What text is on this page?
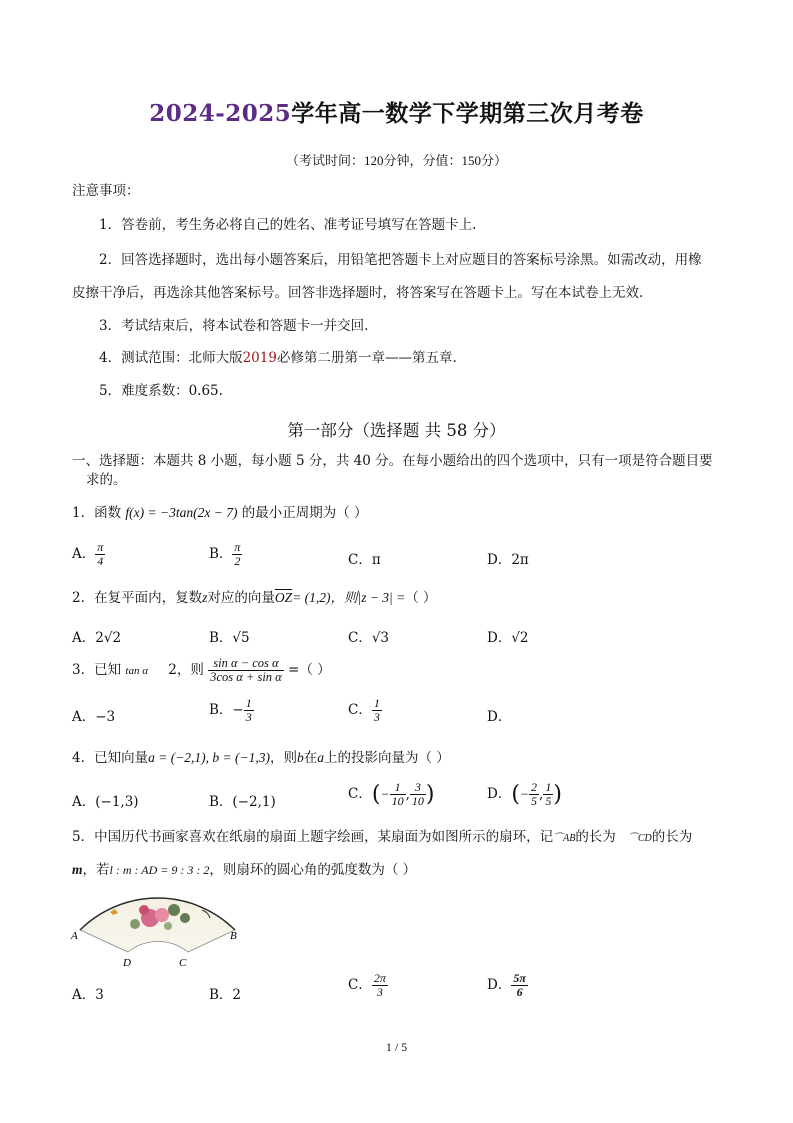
2024-2025学年高一数学下学期第三次月考卷
（考试时间：120分钟，分值：150分）
注意事项：
1．答卷前，考生务必将自己的姓名、准考证号填写在答题卡上.
2．回答选择题时，选出每小题答案后，用铅笔把答题卡上对应题目的答案标号涂黑。如需改动，用橡
皮擦干净后，再选涂其他答案标号。回答非选择题时，将答案写在答题卡上。写在本试卷上无效.
3．考试结束后，将本试卷和答题卡一并交回.
4．测试范围：北师大版2019必修第二册第一章——第五章.
5．难度系数：0.65.
第一部分（选择题 共 58 分）
一、选择题：本题共 8 小题，每小题 5 分，共 40 分。在每小题给出的四个选项中，只有一项是符合题目要
求的。
1．函数 f(x) = −3tan(2x − 7) 的最小正周期为（ ）
A． $\frac{\pi}{4}$	B． $\frac{\pi}{2}$	C．π	D．2π
2．在复平面内，复数z对应的向量$\overline{OZ}= (1,2)$，则|z − 3| =（ ）
A．2√2	B．√5	C．√3	D．√2
3．已知 tan α 2，则 $\frac{\text{sin α − cos α}}{\text{3cos α + sin α}}$ =（ ）
A．−3	B．− $\frac{1}{3}$	C． $\frac{1}{3}$	D．
4．已知向量a = (−2,1), b = (−1,3)，则b在a上的投影向量为（ ）
A．(−1,3)	B．(−2,1)	C．(− $\frac{1}{10}$ , $\frac{3}{10}$ )	D．(− $\frac{2}{5}$ , $\frac{1}{5}$ )
5．中国历代书画家喜欢在纸扇的扇面上题字绘画，某扇面为如图所示的扇环，记⌒AB的长为 ⌒CD的长为
m，若l : m : AD = 9 : 3 : 2，则扇环的圆心角的弧度数为（ ）
A	B
D	C
A．3	B．2
C． $\frac{2\pi}{3}$	D． $\frac{5\pi}{6}$
1 / 5
